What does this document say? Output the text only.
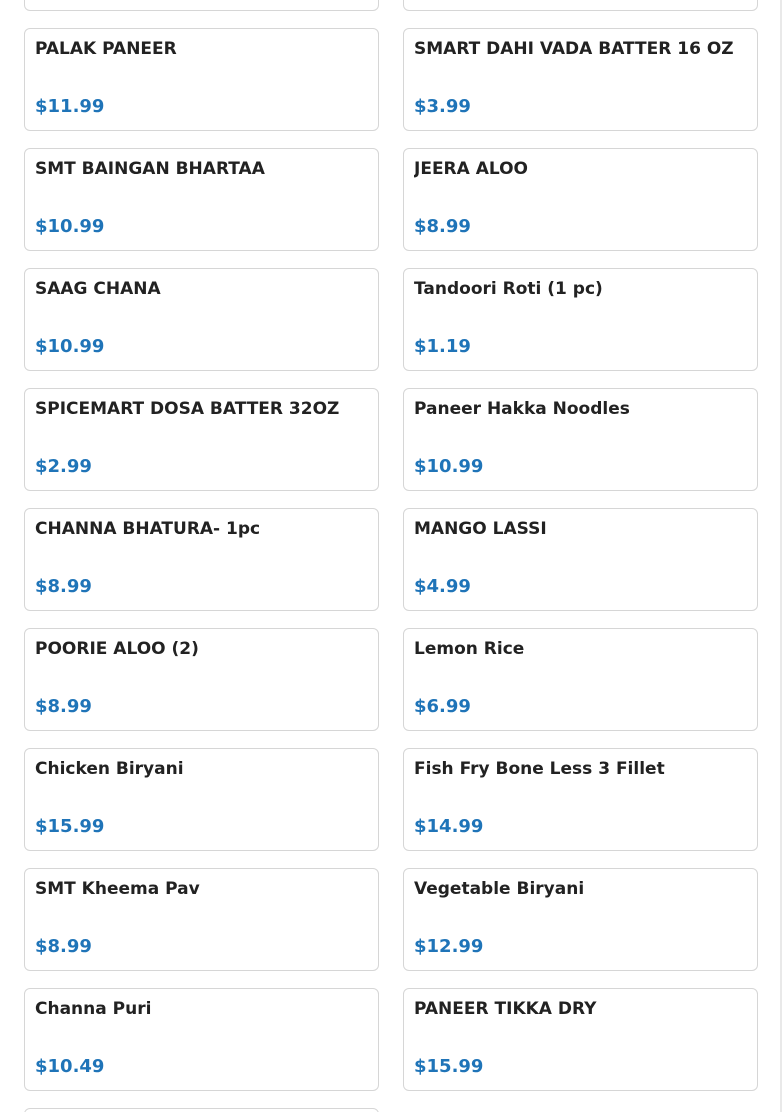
PALAK PANEER
$11.99
SMART DAHI VADA BATTER 16 OZ
$3.99
SMT BAINGAN BHARTAA
$10.99
JEERA ALOO
$8.99
SAAG CHANA
$10.99
Tandoori Roti (1 pc)
$1.19
SPICEMART DOSA BATTER 32OZ
$2.99
Paneer Hakka Noodles
$10.99
CHANNA BHATURA- 1pc
$8.99
MANGO LASSI
$4.99
POORIE ALOO (2)
$8.99
Lemon Rice
$6.99
Chicken Biryani
$15.99
Fish Fry Bone Less 3 Fillet
$14.99
SMT Kheema Pav
$8.99
Vegetable Biryani
$12.99
Channa Puri
$10.49
PANEER TIKKA DRY
$15.99
